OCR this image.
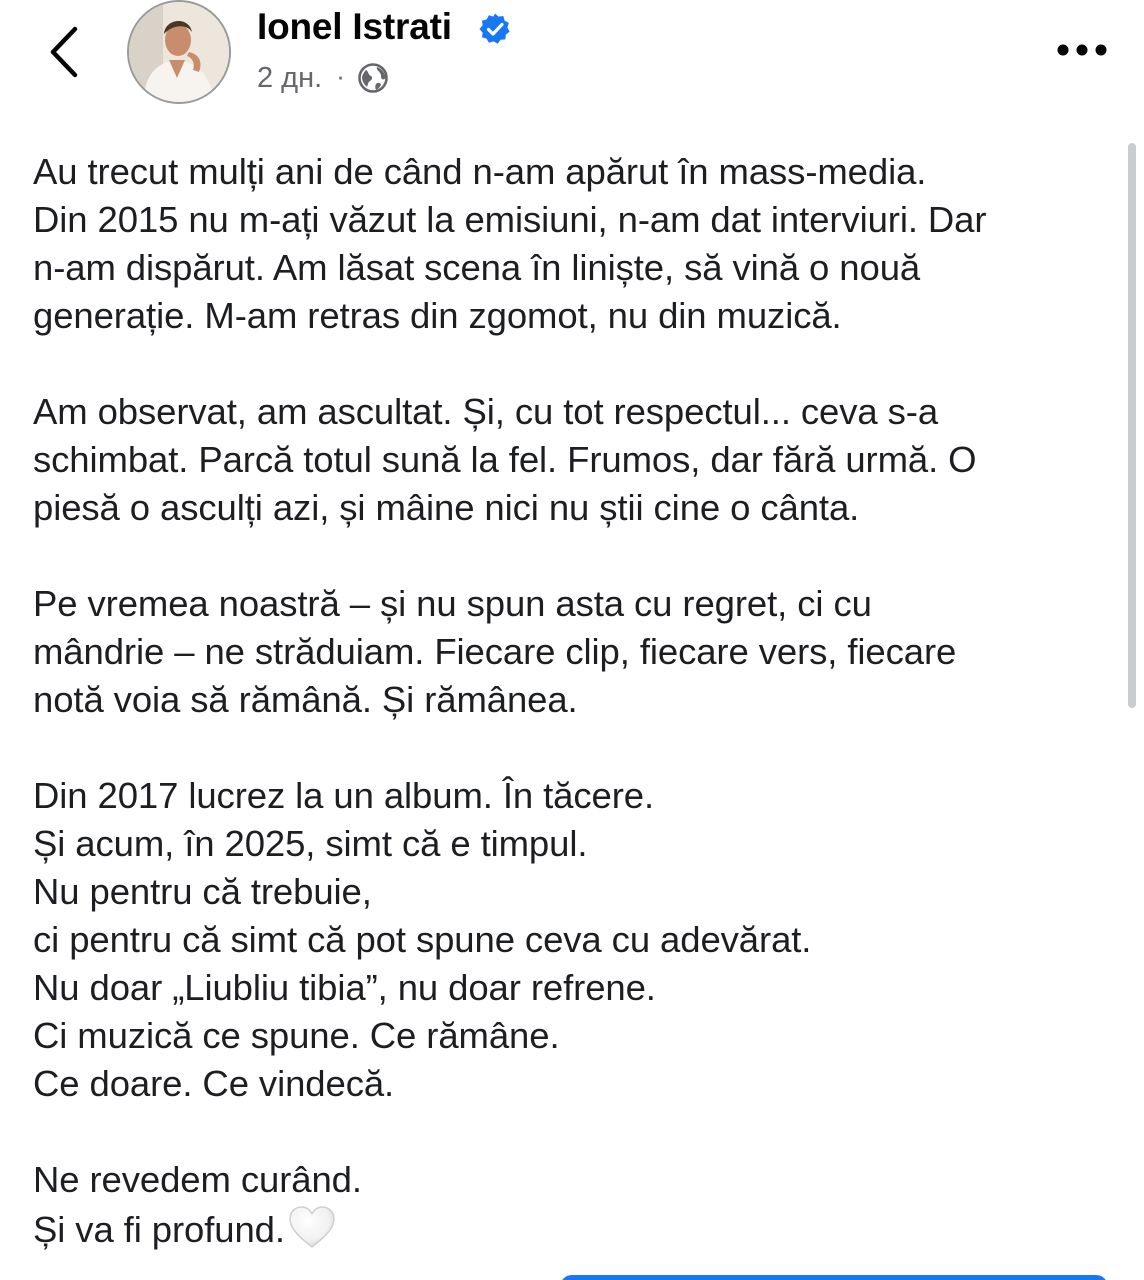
Ionel Istrati
2 дн. ·
Au trecut mulți ani de când n-am apărut în mass-media.
Din 2015 nu m-ați văzut la emisiuni, n-am dat interviuri. Dar
n-am dispărut. Am lăsat scena în liniște, să vină o nouă
generație. M-am retras din zgomot, nu din muzică.
Am observat, am ascultat. Și, cu tot respectul... ceva s-a
schimbat. Parcă totul sună la fel. Frumos, dar fără urmă. O
piesă o asculți azi, și mâine nici nu știi cine o cânta.
Pe vremea noastră – și nu spun asta cu regret, ci cu
mândrie – ne străduiam. Fiecare clip, fiecare vers, fiecare
notă voia să rămână. Și rămânea.
Din 2017 lucrez la un album. În tăcere.
Și acum, în 2025, simt că e timpul.
Nu pentru că trebuie,
ci pentru că simt că pot spune ceva cu adevărat.
Nu doar „Liubliu tibia”, nu doar refrene.
Ci muzică ce spune. Ce rămâne.
Ce doare. Ce vindecă.
Ne revedem curând.
Și va fi profund.
